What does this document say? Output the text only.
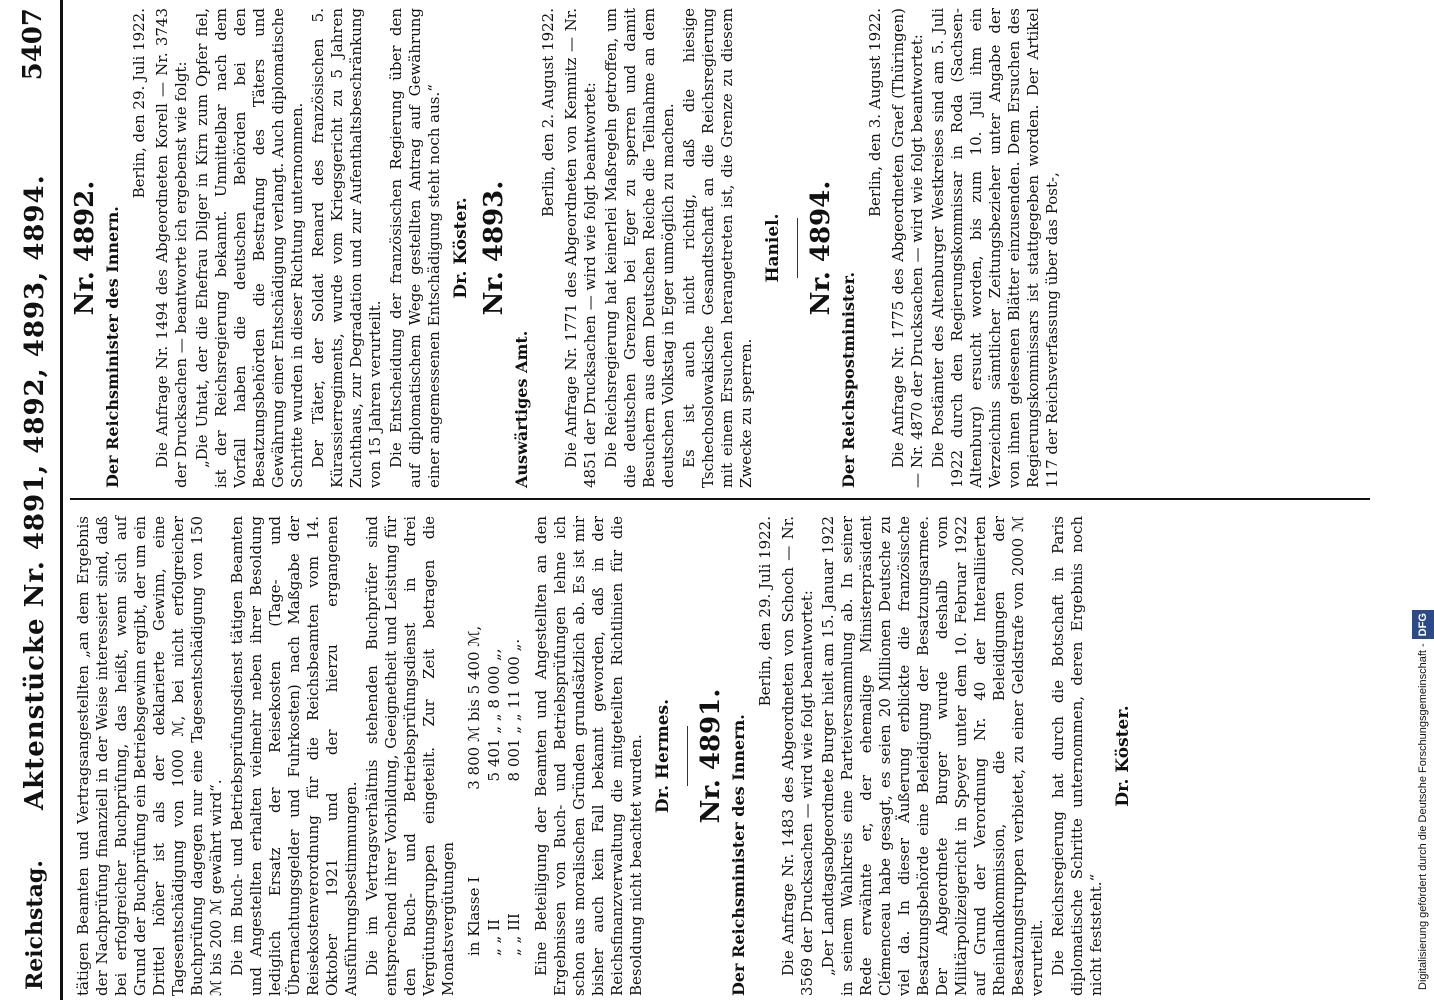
Reichstag.
Aktenstücke Nr. 4891, 4892, 4893, 4894.
5407

tätigen Beamten und Vertragsangestellten „an dem Ergebnis der Nachprüfung finanziell in der Weise interessiert sind, daß bei erfolgreicher Buchprüfung, das heißt, wenn sich auf Grund der Buchprüfung ein Betriebsgewinn ergibt, der um ein Drittel höher ist als der deklarierte Gewinn, eine Tagesentschädigung von 1000 ℳ, bei nicht erfolgreicher Buchprüfung dagegen nur eine Tagesentschädigung von 150 ℳ bis 200 ℳ gewährt wird“. Die im Buch- und Betriebsprüfungsdienst tätigen Beamten und Angestellten erhalten vielmehr neben ihrer Besoldung lediglich Ersatz der Reisekosten (Tage- und Übernachtungsgelder und Fuhrkosten) nach Maßgabe der Reisekostenverordnung für die Reichsbeamten vom 14. Oktober 1921 und der hierzu ergangenen Ausführungsbestimmungen. Die im Vertragsverhältnis stehenden Buchprüfer sind entsprechend ihrer Vorbildung, Geeignetheit und Leistung für den Buch- und Betriebsprüfungsdienst in drei Vergütungsgruppen eingeteilt. Zur Zeit betragen die Monatsvergütungen in Klasse I3 800 ℳ bis 5 400 ℳ,
„ „ II5 401 „ „ 8 000 „,
„ „ III8 001 „ „ 11 000 „. Eine Beteiligung der Beamten und Angestellten an den Ergebnissen von Buch- und Betriebsprüfungen lehne ich schon aus moralischen Gründen grundsätzlich ab. Es ist mir bisher auch kein Fall bekannt geworden, daß in der Reichsfinanzverwaltung die mitgeteilten Richtlinien für die Besoldung nicht beachtet wurden. Dr. Hermes. Nr. 4891. Der Reichsminister des Innern.
Berlin, den 29. Juli 1922. Die Anfrage Nr. 1483 des Abgeordneten von Schoch — Nr. 3569 der Drucksachen — wird wie folgt beantwortet: „Der Landtagsabgeordnete Burger hielt am 15. Januar 1922 in seinem Wahlkreis eine Parteiversammlung ab. In seiner Rede erwähnte er, der ehemalige Ministerpräsident Clémenceau habe gesagt, es seien 20 Millionen Deutsche zu viel da. In dieser Äußerung erblickte die französische Besatzungsbehörde eine Beleidigung der Besatzungsarmee. Der Abgeordnete Burger wurde deshalb vom Militärpolizeigericht in Speyer unter dem 10. Februar 1922 auf Grund der Verordnung Nr. 40 der Interalliierten Rheinlandkommission, die Beleidigungen der Besatzungstruppen verbietet, zu einer Geldstrafe von 2000 ℳ verurteilt. Die Reichsregierung hat durch die Botschaft in Paris diplomatische Schritte unternommen, deren Ergebnis noch nicht feststeht.“

Dr. Köster.
Nr. 4892. Der Reichsminister des Innern.
Berlin, den 29. Juli 1922. Die Anfrage Nr. 1494 des Abgeordneten Korell — Nr. 3743 der Drucksachen — beantworte ich ergebenst wie folgt: „Die Untat, der die Ehefrau Dilger in Kirn zum Opfer fiel, ist der Reichsregierung bekannt. Unmittelbar nach dem Vorfall haben die deutschen Behörden bei den Besatzungsbehörden die Bestrafung des Täters und Gewährung einer Entschädigung verlangt. Auch diplomatische Schritte wurden in dieser Richtung unternommen. Der Täter, der Soldat Renard des französischen 5. Kürassierregiments, wurde vom Kriegsgericht zu 5 Jahren Zuchthaus, zur Degradation und zur Aufenthaltsbeschränkung von 15 Jahren verurteilt. Die Entscheidung der französischen Regierung über den auf diplomatischem Wege gestellten Antrag auf Gewährung einer angemessenen Entschädigung steht noch aus.“ Dr. Köster. Nr. 4893.
Auswärtiges Amt.
Berlin, den 2. August 1922. Die Anfrage Nr. 1771 des Abgeordneten von Kemnitz — Nr. 4851 der Drucksachen — wird wie folgt beantwortet: Die Reichsregierung hat keinerlei Maßregeln getroffen, um die deutschen Grenzen bei Eger zu sperren und damit Besuchern aus dem Deutschen Reiche die Teilnahme an dem deutschen Volkstag in Eger unmöglich zu machen. Es ist auch nicht richtig, daß die hiesige Tschechoslowakische Gesandtschaft an die Reichsregierung mit einem Ersuchen herangetreten ist, die Grenze zu diesem Zwecke zu sperren.

Haniel. Nr. 4894.
Der Reichspostminister.
Berlin, den 3. August 1922. Die Anfrage Nr. 1775 des Abgeordneten Graef (Thüringen) — Nr. 4870 der Drucksachen — wird wie folgt beantwortet: Die Postämter des Altenburger Westkreises sind am 5. Juli 1922 durch den Regierungskommissar in Roda (Sachsen-Altenburg) ersucht worden, bis zum 10. Juli ihm ein Verzeichnis sämtlicher Zeitungsbezieher unter Angabe der von ihnen gelesenen Blätter einzusenden. Dem Ersuchen des Regierungskommissars ist stattgegeben worden. Der Artikel 117 der Reichsverfassung über das Post-,

Digitalisierung gefördert durch die Deutsche Forschungsgemeinschaft -DFG
